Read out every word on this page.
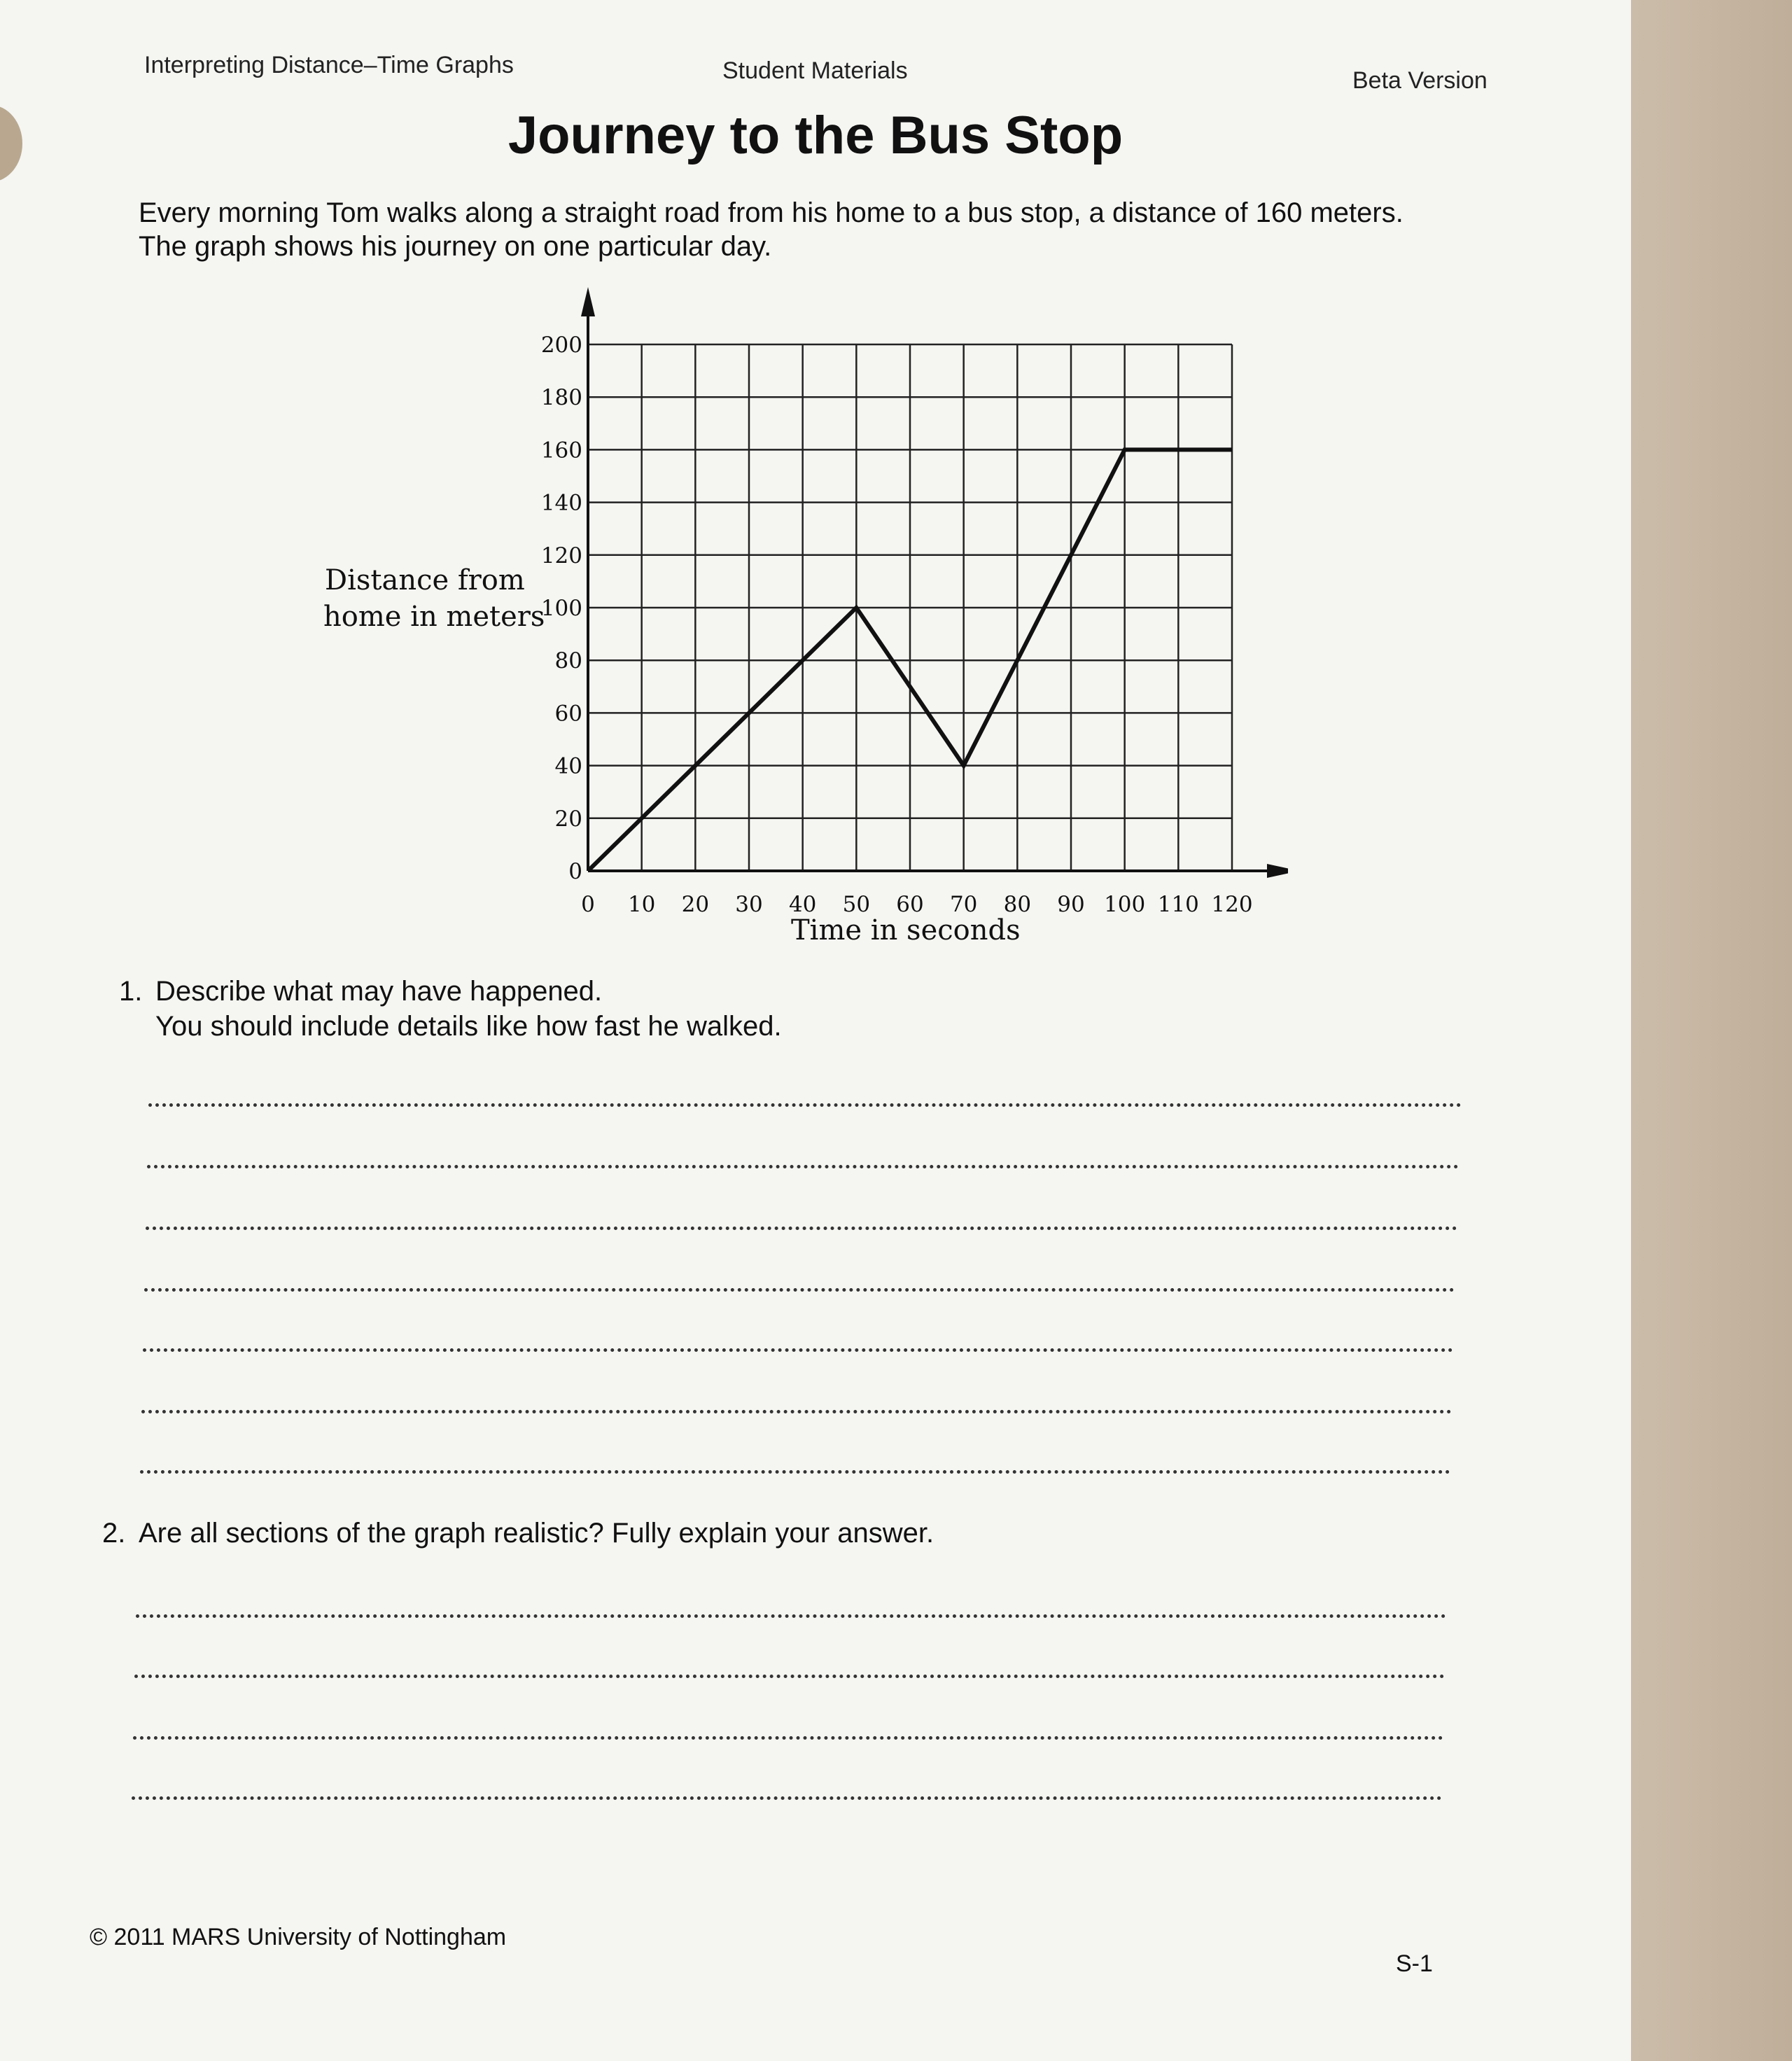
Interpreting Distance–Time Graphs	Student Materials	Beta Version
Journey to the Bus Stop
Every morning Tom walks along a straight road from his home to a bus stop, a distance of 160 meters.
The graph shows his journey on one particular day.
Distance from
home in meters
0 10 20 30 40 50 60 70 80 90 100 110 120
0
20
40
60
80
100
120
140
160
180
200
Time in seconds
1. Describe what may have happened.
You should include details like how fast he walked.
2. Are all sections of the graph realistic? Fully explain your answer.
© 2011 MARS University of Nottingham
S-1
